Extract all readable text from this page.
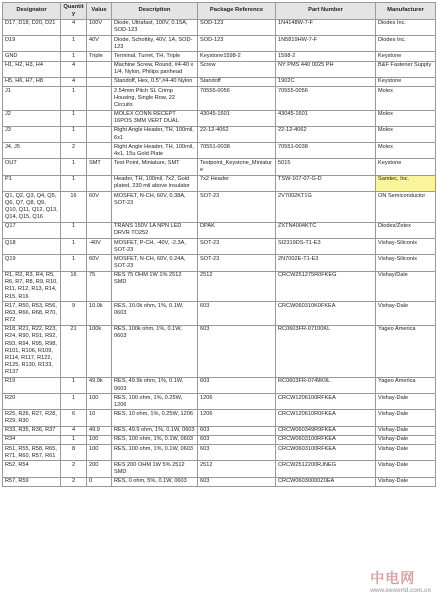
Designator	Quantity	Value	Description	Package Reference	Part Number	Manufacturer
D17, D18, D20, D21	4	100V	Diode, Ultrafast, 100V, 0.15A, SOD-123	SOD-123	1N4148W-7-F	Diodes Inc.
D19	1	40V	Diode, Schottky, 40V, 1A, SOD-123	SOD-123	1N5819HW-7-F	Diodes Inc.
GND	1	Triple	Terminal, Turret, TH, Triple	Keystone1598-2	1598-2	Keystone
H1, H2, H3, H4	4		Machine Screw, Round, #4-40 x 1/4, Nylon, Philips panhead	Screw	NY PMS 440 0025 PH	B&F Fastener Supply
H5, H6, H7, H8	4		Standoff, Hex, 0.5",#4-40 Nylon	Standoff	1902C	Keystone
J1	1		2.54mm Pitch SL Crimp Housing, Single Row, 22 Circuits	70555-0056	70555-0056	Molex
J2	1		MOLEX CONN RECEPT 16POS 3MM VERT DUAL	43045-1601	43045-1601	Molex
J3	1		Right Angle Header, TH, 100mil, 6x1	22-12-4062	22-12-4062	Molex
J4, J5	2		Right Angle Header, TH, 100mil, 4x1, 15u Gold Plate	70551-0038	70551-0038	Molex
OUT	1	SMT	Test Point, Miniature, SMT	Testpoint_Keystone_Miniature	5015	Keystone
P1	1		Header, TH, 100mil, 7x2, Gold plated, 230 mil above insulator	7x2 Header	TSW-107-07-G-D	Samtec, Inc.
Q1, Q2, Q3, Q4, Q5, Q6, Q7, Q8, Q9, Q10, Q11, Q12, Q13, Q14, Q15, Q16	16	60V	MOSFET, N-CH, 60V, 0.38A, SOT-23	SOT-23	2V7002KT1G	ON Semiconductor
Q17	1		TRANS 150V 1A NPN LED DRVR TO252	DPAK	ZXTN4004KTC	Diodes/Zetex
Q18	1	-40V	MOSFET, P-CH, -40V, -2.3A, SOT-23	SOT-23	SI2319DS-T1-E3	Vishay-Siliconix
Q19	1	60V	MOSFET, N-CH, 60V, 0.24A, SOT-23	SOT-23	2N7002E-T1-E3	Vishay-Siliconix
R1, R2, R3, R4, R5, R6, R7, R8, R9, R10, R11, R12, R13, R14, R15, R16	16	75	RES 75 OHM 1W 1% 2512 SMD	2512	CRCW251275R0FKEG	Vishay/Dale
R17, R50, R53, R56, R63, R66, R68, R70, R72	9	10.0k	RES, 10.0k ohm, 1%, 0.1W, 0603	603	CRCW060310K0FKEA	Vishay-Dale
R18, R21, R22, R23, R24, R90, R91, R92, R93, R94, R95, R98, R101, R106, R109, R114, R117, R122, R125, R130, R133, R137	21	100k	RES, 100k ohm, 1%, 0.1W, 0603	603	RC0603FR-07100KL	Yageo America
R19	1	49.9k	RES, 49.9k ohm, 1%, 0.1W, 0603	603	RC0603FR-0749K9L	Yageo America
R20	1	100	RES, 100 ohm, 1%, 0.25W, 1206	1206	CRCW1206100RFKEA	Vishay-Dale
R25, R26, R27, R28, R29, R30	6	10	RES, 10 ohm, 1%, 0.25W, 1206	1206	CRCW120610R0FKEA	Vishay-Dale
R33, R35, R36, R37	4	49.9	RES, 49.9 ohm, 1%, 0.1W, 0603	603	CRCW060349R9FKEA	Vishay-Dale
R34	1	100	RES, 100 ohm, 1%, 0.1W, 0603	603	CRCW0603100RFKEA	Vishay-Dale
R51, R55, R58, R65, R71, R60, R57, R61	8	100	RES, 100 ohm, 1%, 0.1W, 0603	603	CRCW0603100RFKEA	Vishay-Dale
R52, R54	2	200	RES 200 OHM 1W 5% 2512 SMD	2512	CRCW2512200RJNEG	Vishay-Dale
R57, R59	2	0	RES, 0 ohm, 5%, 0.1W, 0603	603	CRCW06030000Z0EA	Vishay-Dale
中电网
www.eeworld.com.cn
